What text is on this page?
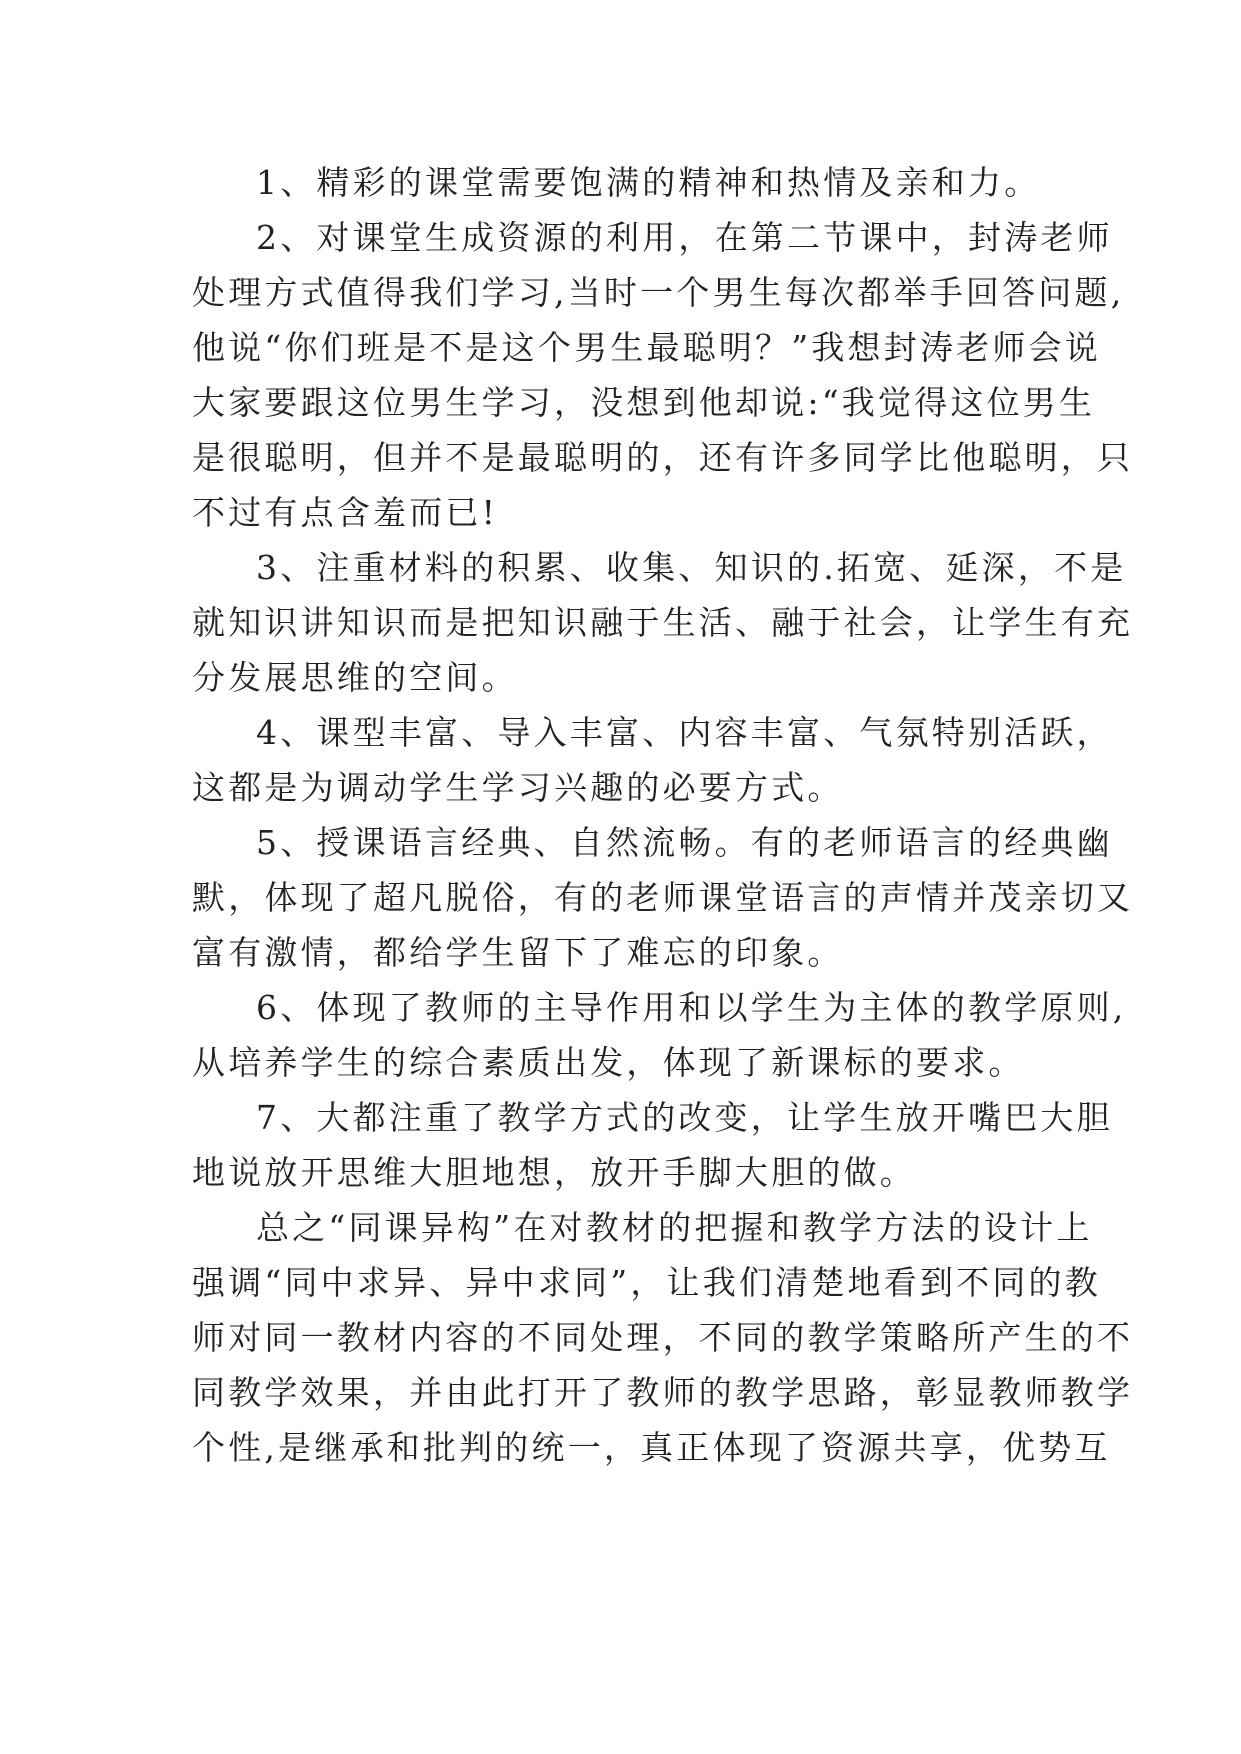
1、精彩的课堂需要饱满的精神和热情及亲和力。
2、对课堂生成资源的利用，在第二节课中，封涛老师
处理方式值得我们学习,当时一个男生每次都举手回答问题,
他说“你们班是不是这个男生最聪明？”我想封涛老师会说
大家要跟这位男生学习，没想到他却说:“我觉得这位男生
是很聪明，但并不是最聪明的，还有许多同学比他聪明，只
不过有点含羞而已!
3、注重材料的积累、收集、知识的.拓宽、延深，不是
就知识讲知识而是把知识融于生活、融于社会，让学生有充
分发展思维的空间。
4、课型丰富、导入丰富、内容丰富、气氛特别活跃，
这都是为调动学生学习兴趣的必要方式。
5、授课语言经典、自然流畅。有的老师语言的经典幽
默，体现了超凡脱俗，有的老师课堂语言的声情并茂亲切又
富有激情，都给学生留下了难忘的印象。
6、体现了教师的主导作用和以学生为主体的教学原则,
从培养学生的综合素质出发，体现了新课标的要求。
7、大都注重了教学方式的改变，让学生放开嘴巴大胆
地说放开思维大胆地想，放开手脚大胆的做。
总之“同课异构”在对教材的把握和教学方法的设计上
强调“同中求异、异中求同”，让我们清楚地看到不同的教
师对同一教材内容的不同处理，不同的教学策略所产生的不
同教学效果，并由此打开了教师的教学思路，彰显教师教学
个性,是继承和批判的统一，真正体现了资源共享，优势互
